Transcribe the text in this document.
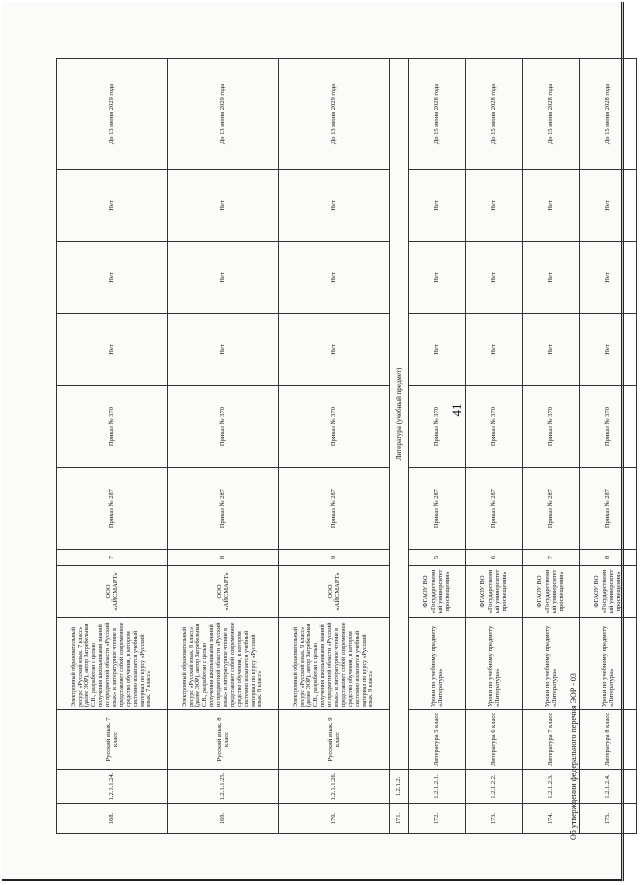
41
Об утверждении федерального перечня ЭОР - 03
168.	1.2.1.1.24.	Русский язык. 7 класс	Электронный образовательный ресурс «Русский язык. 7 класс» (далее ЭОР), автор Загребельная С.В., разработан с целью получения школьниками знаний из предметной области «Русский язык» и литературное чтение в представляет собой современное средство обучения, в котором системно излагается учебный материал по курсу «Русский язык. 7 класс»	ООО «АЙСМАРТ»	7	Приказ № 287	Приказ № 370	Нет	Нет	Нет	До 13 июня 2029 года
169.	1.2.1.1.25.	Русский язык. 8 класс	Электронный образовательный ресурс «Русский язык. 8 класс» (далее ЭОР), автор Загребельная С.В., разработан с целью получения школьниками знаний из предметной области «Русский язык» и литературное чтение в представляет собой современное средство обучения, в котором системно излагается учебный материал по курсу «Русский язык. 8 класс»	ООО «АЙСМАРТ»	8	Приказ № 287	Приказ № 370	Нет	Нет	Нет	До 13 июня 2029 года
170.	1.2.1.1.26.	Русский язык. 9 класс	Электронный образовательный ресурс «Русский язык. 9 класс» (далее ЭОР), автор Загребельная С.В., разработан с целью получения школьниками знаний из предметной области «Русский язык» и литературное чтение в представляет собой современное средство обучения, в котором системно излагается учебный материал по курсу «Русский язык. 9 класс»	ООО «АЙСМАРТ»	9	Приказ № 287	Приказ № 370	Нет	Нет	Нет	До 13 июня 2029 года
171.	1.2.1.2.	Литература (учебный предмет)									
172.	1.2.1.2.1.	Литература 5 класс	Уроки по учебному предмету «Литература»	ФГАОУ ВО «Государственный университет просвещения»	5	Приказ № 287	Приказ № 370	Нет	Нет	Нет	До 15 июня 2028 года
173.	1.2.1.2.2.	Литература 6 класс	Уроки по учебному предмету «Литература»	ФГАОУ ВО «Государственный университет просвещения»	6	Приказ № 287	Приказ № 370	Нет	Нет	Нет	До 15 июня 2028 года
174.	1.2.1.2.3.	Литература 7 класс	Уроки по учебному предмету «Литература»	ФГАОУ ВО «Государственный университет просвещения»	7	Приказ № 287	Приказ № 370	Нет	Нет	Нет	До 15 июня 2028 года
175.	1.2.1.2.4.	Литература 8 класс	Уроки по учебному предмету «Литература»	ФГАОУ ВО «Государственный университет просвещения»	8	Приказ № 287	Приказ № 370	Нет	Нет	Нет	До 15 июня 2028 года
